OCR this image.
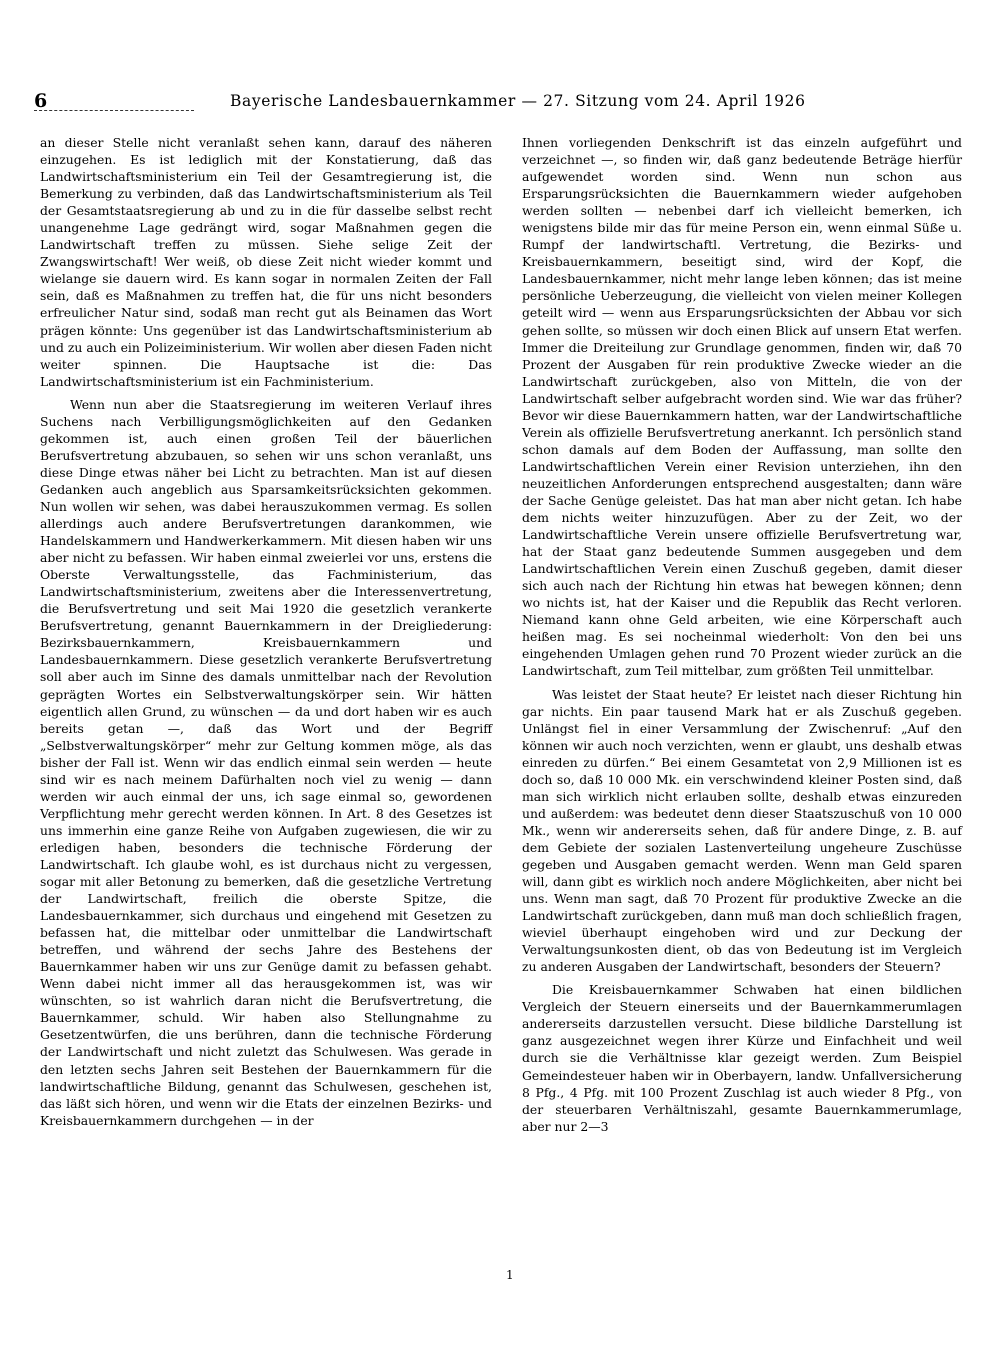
6	Bayerische Landesbauernkammer — 27. Sitzung vom 24. April 1926

an dieser Stelle nicht veranlaßt sehen kann, darauf des näheren einzugehen. Es ist lediglich mit der Konstatierung, daß das Landwirtschaftsministerium ein Teil der Gesamtregierung ist, die Bemerkung zu verbinden, daß das Landwirtschaftsministerium als Teil der Gesamtstaatsregierung ab und zu in die für dasselbe selbst recht unangenehme Lage gedrängt wird, sogar Maßnahmen gegen die Landwirtschaft treffen zu müssen. Siehe selige Zeit der Zwangswirtschaft! Wer weiß, ob diese Zeit nicht wieder kommt und wielange sie dauern wird. Es kann sogar in normalen Zeiten der Fall sein, daß es Maßnahmen zu treffen hat, die für uns nicht besonders erfreulicher Natur sind, sodaß man recht gut als Beinamen das Wort prägen könnte: Uns gegenüber ist das Landwirtschaftsministerium ab und zu auch ein Polizeiministerium. Wir wollen aber diesen Faden nicht weiter spinnen. Die Hauptsache ist die: Das Landwirtschaftsministerium ist ein Fachministerium.

Wenn nun aber die Staatsregierung im weiteren Verlauf ihres Suchens nach Verbilligungsmöglichkeiten auf den Gedanken gekommen ist, auch einen großen Teil der bäuerlichen Berufsvertretung abzubauen, so sehen wir uns schon veranlaßt, uns diese Dinge etwas näher bei Licht zu betrachten. Man ist auf diesen Gedanken auch angeblich aus Sparsamkeitsrücksichten gekommen. Nun wollen wir sehen, was dabei herauszukommen vermag. Es sollen allerdings auch andere Berufsvertretungen darankommen, wie Handelskammern und Handwerkerkammern. Mit diesen haben wir uns aber nicht zu befassen. Wir haben einmal zweierlei vor uns, erstens die Oberste Verwaltungsstelle, das Fachministerium, das Landwirtschaftsministerium, zweitens aber die Interessenvertretung, die Berufsvertretung und seit Mai 1920 die gesetzlich verankerte Berufsvertretung, genannt Bauernkammern in der Dreigliederung: Bezirksbauernkammern, Kreisbauernkammern und Landesbauernkammern. Diese gesetzlich verankerte Berufsvertretung soll aber auch im Sinne des damals unmittelbar nach der Revolution geprägten Wortes ein Selbstverwaltungskörper sein. Wir hätten eigentlich allen Grund, zu wünschen — da und dort haben wir es auch bereits getan —, daß das Wort und der Begriff „Selbstverwaltungskörper“ mehr zur Geltung kommen möge, als das bisher der Fall ist. Wenn wir das endlich einmal sein werden — heute sind wir es nach meinem Dafürhalten noch viel zu wenig — dann werden wir auch einmal der uns, ich sage einmal so, gewordenen Verpflichtung mehr gerecht werden können. In Art. 8 des Gesetzes ist uns immerhin eine ganze Reihe von Aufgaben zugewiesen, die wir zu erledigen haben, besonders die technische Förderung der Landwirtschaft. Ich glaube wohl, es ist durchaus nicht zu vergessen, sogar mit aller Betonung zu bemerken, daß die gesetzliche Vertretung der Landwirtschaft, freilich die oberste Spitze, die Landesbauernkammer, sich durchaus und eingehend mit Gesetzen zu befassen hat, die mittelbar oder unmittelbar die Landwirtschaft betreffen, und während der sechs Jahre des Bestehens der Bauernkammer haben wir uns zur Genüge damit zu befassen gehabt. Wenn dabei nicht immer all das herausgekommen ist, was wir wünschten, so ist wahrlich daran nicht die Berufsvertretung, die Bauernkammer, schuld. Wir haben also Stellungnahme zu Gesetzentwürfen, die uns berühren, dann die technische Förderung der Landwirtschaft und nicht zuletzt das Schulwesen. Was gerade in den letzten sechs Jahren seit Bestehen der Bauernkammern für die landwirtschaftliche Bildung, genannt das Schulwesen, geschehen ist, das läßt sich hören, und wenn wir die Etats der einzelnen Bezirks- und Kreisbauernkammern durchgehen — in der

Ihnen vorliegenden Denkschrift ist das einzeln aufgeführt und verzeichnet —, so finden wir, daß ganz bedeutende Beträge hierfür aufgewendet worden sind. Wenn nun schon aus Ersparungsrücksichten die Bauernkammern wieder aufgehoben werden sollten — nebenbei darf ich vielleicht bemerken, ich wenigstens bilde mir das für meine Person ein, wenn einmal Süße u. Rumpf der landwirtschaftl. Vertretung, die Bezirks- und Kreisbauernkammern, beseitigt sind, wird der Kopf, die Landesbauernkammer, nicht mehr lange leben können; das ist meine persönliche Ueberzeugung, die vielleicht von vielen meiner Kollegen geteilt wird — wenn aus Ersparungsrücksichten der Abbau vor sich gehen sollte, so müssen wir doch einen Blick auf unsern Etat werfen. Immer die Dreiteilung zur Grundlage genommen, finden wir, daß 70 Prozent der Ausgaben für rein produktive Zwecke wieder an die Landwirtschaft zurückgeben, also von Mitteln, die von der Landwirtschaft selber aufgebracht worden sind. Wie war das früher? Bevor wir diese Bauernkammern hatten, war der Landwirtschaftliche Verein als offizielle Berufsvertretung anerkannt. Ich persönlich stand schon damals auf dem Boden der Auffassung, man sollte den Landwirtschaftlichen Verein einer Revision unterziehen, ihn den neuzeitlichen Anforderungen entsprechend ausgestalten; dann wäre der Sache Genüge geleistet. Das hat man aber nicht getan. Ich habe dem nichts weiter hinzuzufügen. Aber zu der Zeit, wo der Landwirtschaftliche Verein unsere offizielle Berufsvertretung war, hat der Staat ganz bedeutende Summen ausgegeben und dem Landwirtschaftlichen Verein einen Zuschuß gegeben, damit dieser sich auch nach der Richtung hin etwas hat bewegen können; denn wo nichts ist, hat der Kaiser und die Republik das Recht verloren. Niemand kann ohne Geld arbeiten, wie eine Körperschaft auch heißen mag. Es sei nocheinmal wiederholt: Von den bei uns eingehenden Umlagen gehen rund 70 Prozent wieder zurück an die Landwirtschaft, zum Teil mittelbar, zum größten Teil unmittelbar.

Was leistet der Staat heute? Er leistet nach dieser Richtung hin gar nichts. Ein paar tausend Mark hat er als Zuschuß gegeben. Unlängst fiel in einer Versammlung der Zwischenruf: „Auf den können wir auch noch verzichten, wenn er glaubt, uns deshalb etwas einreden zu dürfen.“ Bei einem Gesamtetat von 2,9 Millionen ist es doch so, daß 10 000 Mk. ein verschwindend kleiner Posten sind, daß man sich wirklich nicht erlauben sollte, deshalb etwas einzureden und außerdem: was bedeutet denn dieser Staatszuschuß von 10 000 Mk., wenn wir andererseits sehen, daß für andere Dinge, z. B. auf dem Gebiete der sozialen Lastenverteilung ungeheure Zuschüsse gegeben und Ausgaben gemacht werden. Wenn man Geld sparen will, dann gibt es wirklich noch andere Möglichkeiten, aber nicht bei uns. Wenn man sagt, daß 70 Prozent für produktive Zwecke an die Landwirtschaft zurückgeben, dann muß man doch schließlich fragen, wieviel überhaupt eingehoben wird und zur Deckung der Verwaltungsunkosten dient, ob das von Bedeutung ist im Vergleich zu anderen Ausgaben der Landwirtschaft, besonders der Steuern?

Die Kreisbauernkammer Schwaben hat einen bildlichen Vergleich der Steuern einerseits und der Bauernkammerumlagen andererseits darzustellen versucht. Diese bildliche Darstellung ist ganz ausgezeichnet wegen ihrer Kürze und Einfachheit und weil durch sie die Verhältnisse klar gezeigt werden. Zum Beispiel Gemeindesteuer haben wir in Oberbayern, landw. Unfallversicherung 8 Pfg., 4 Pfg. mit 100 Prozent Zuschlag ist auch wieder 8 Pfg., von der steuerbaren Verhältniszahl, gesamte Bauernkammerumlage, aber nur 2—3

1
